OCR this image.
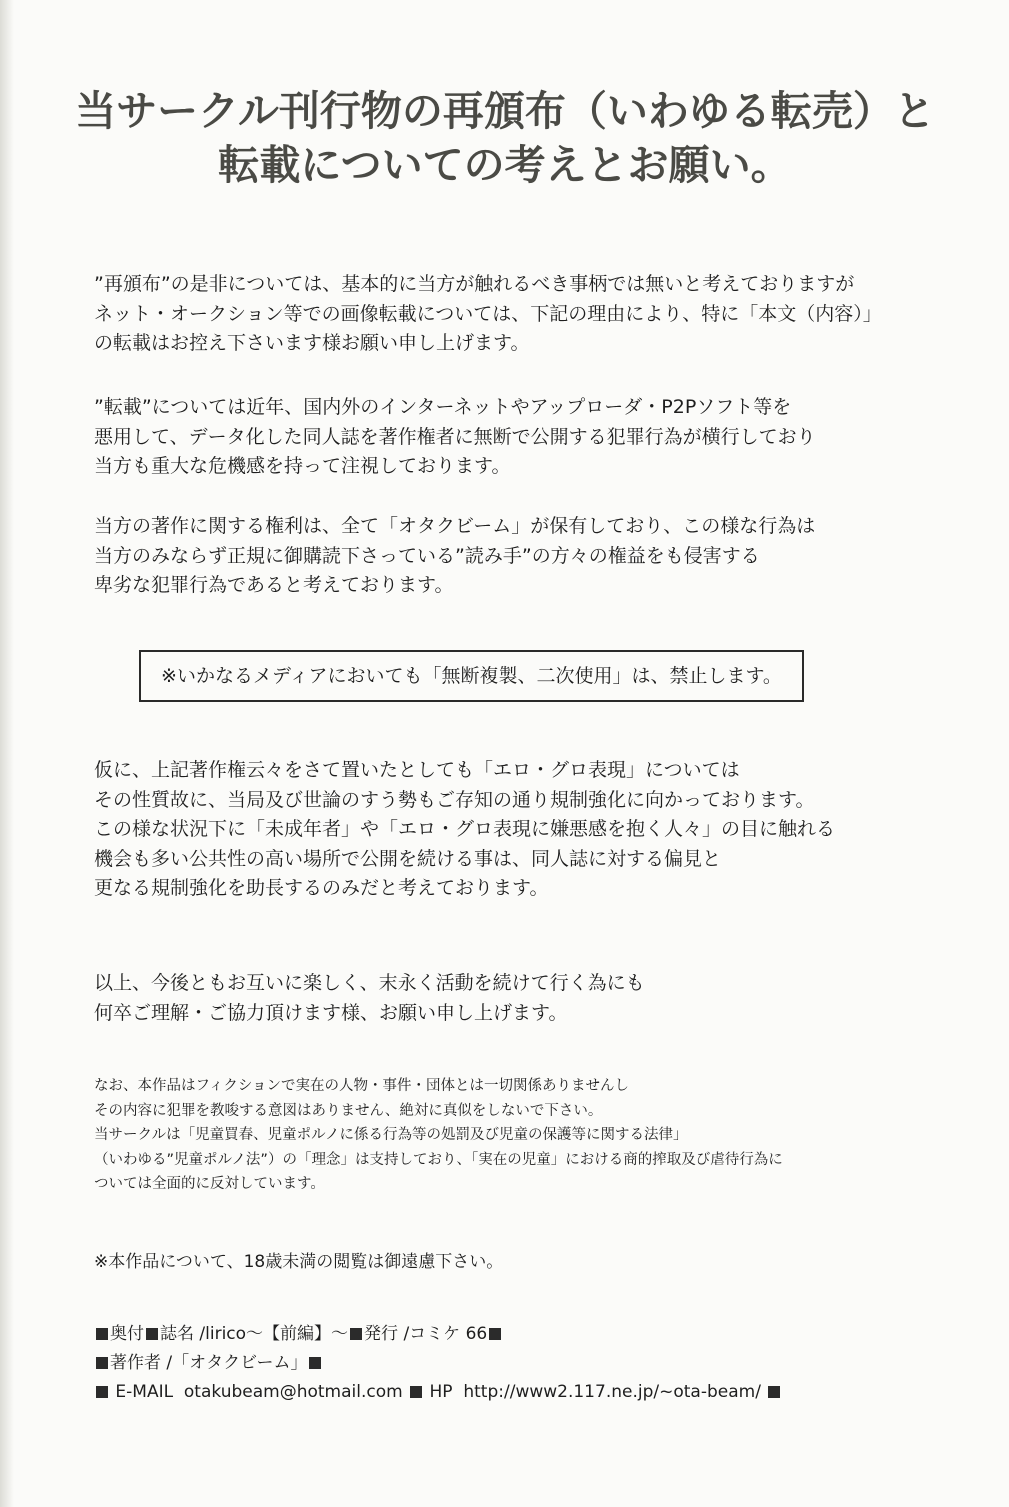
当サークル刊行物の再頒布（いわゆる転売）と
転載についての考えとお願い。
”再頒布”の是非については、基本的に当方が触れるべき事柄では無いと考えておりますが
ネット・オークション等での画像転載については、下記の理由により、特に「本文（内容）」
の転載はお控え下さいます様お願い申し上げます。
”転載”については近年、国内外のインターネットやアップローダ・P2Pソフト等を
悪用して、データ化した同人誌を著作権者に無断で公開する犯罪行為が横行しており
当方も重大な危機感を持って注視しております。
当方の著作に関する権利は、全て「オタクビーム」が保有しており、この様な行為は
当方のみならず正規に御購読下さっている”読み手”の方々の権益をも侵害する
卑劣な犯罪行為であると考えております。
※いかなるメディアにおいても「無断複製、二次使用」は、禁止します。
仮に、上記著作権云々をさて置いたとしても「エロ・グロ表現」については
その性質故に、当局及び世論のすう勢もご存知の通り規制強化に向かっております。
この様な状況下に「未成年者」や「エロ・グロ表現に嫌悪感を抱く人々」の目に触れる
機会も多い公共性の高い場所で公開を続ける事は、同人誌に対する偏見と
更なる規制強化を助長するのみだと考えております。
以上、今後ともお互いに楽しく、末永く活動を続けて行く為にも
何卒ご理解・ご協力頂けます様、お願い申し上げます。
なお、本作品はフィクションで実在の人物・事件・団体とは一切関係ありませんし
その内容に犯罪を教唆する意図はありません、絶対に真似をしないで下さい。
当サークルは「児童買春、児童ポルノに係る行為等の処罰及び児童の保護等に関する法律」
（いわゆる”児童ポルノ法”）の「理念」は支持しており、「実在の児童」における商的搾取及び虐待行為に
ついては全面的に反対しています。
※本作品について、18歳未満の閲覧は御遠慮下さい。
奥付 誌名 /lirico〜【前編】〜 発行 /コミケ 66
著作者 /「オタクビーム」
E-MAIL otakubeam@hotmail.com HP http://www2.117.ne.jp/~ota-beam/
